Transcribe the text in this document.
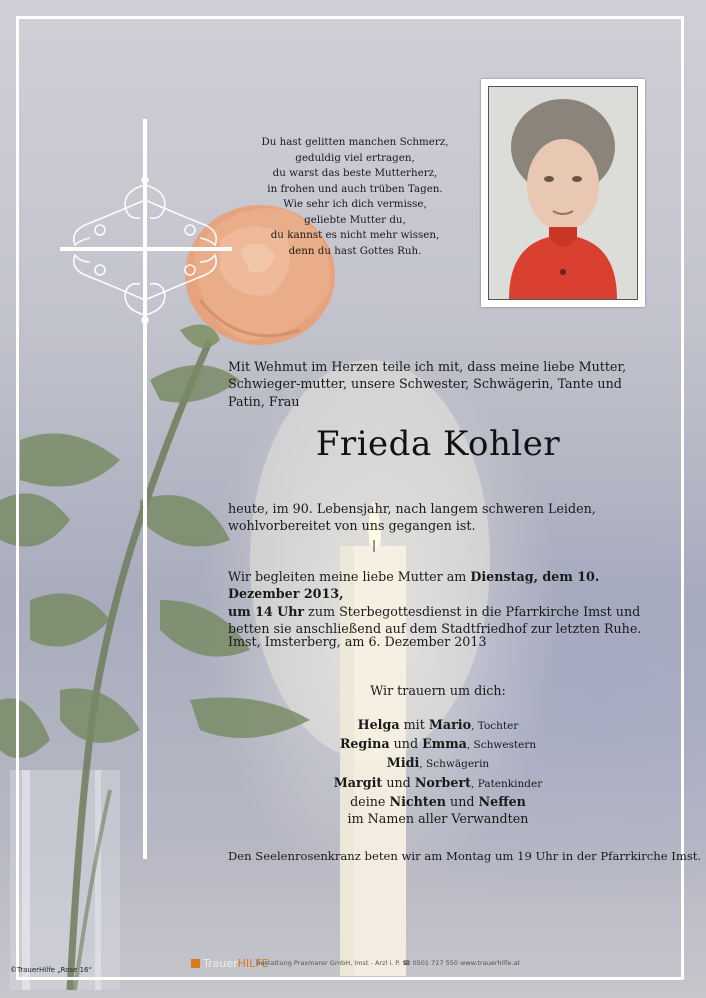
Du hast gelitten manchen Schmerz,
geduldig viel ertragen,
du warst das beste Mutterherz,
in frohen und auch trüben Tagen.
Wie sehr ich dich vermisse,
geliebte Mutter du,
du kannst es nicht mehr wissen,
denn du hast Gottes Ruh.
Mit Wehmut im Herzen teile ich mit, dass meine liebe Mutter, Schwieger-mutter, unsere Schwester, Schwägerin, Tante und Patin, Frau
Frieda Kohler
heute, im 90. Lebensjahr, nach langem schweren Leiden, wohlvorbereitet von uns gegangen ist.
Wir begleiten meine liebe Mutter am Dienstag, dem 10. Dezember 2013,
um 14 Uhr zum Sterbegottesdienst in die Pfarrkirche Imst und betten sie anschließend auf dem Stadtfriedhof zur letzten Ruhe.
Imst, Imsterberg, am 6. Dezember 2013
Wir trauern um dich:
Helga mit Mario, Tochter
Regina und Emma, Schwestern
Midi, Schwägerin
Margit und Norbert, Patenkinder
deine Nichten und Neffen
im Namen aller Verwandten
Den Seelenrosenkranz beten wir am Montag um 19 Uhr in der Pfarrkirche Imst.
©TrauerHilfe „Rose 16“	TrauerHILFE
Bestattung Praxmarer GmbH, Imst - Arzl i. P. ☎ 0501 717 550 www.trauerhilfe.at
